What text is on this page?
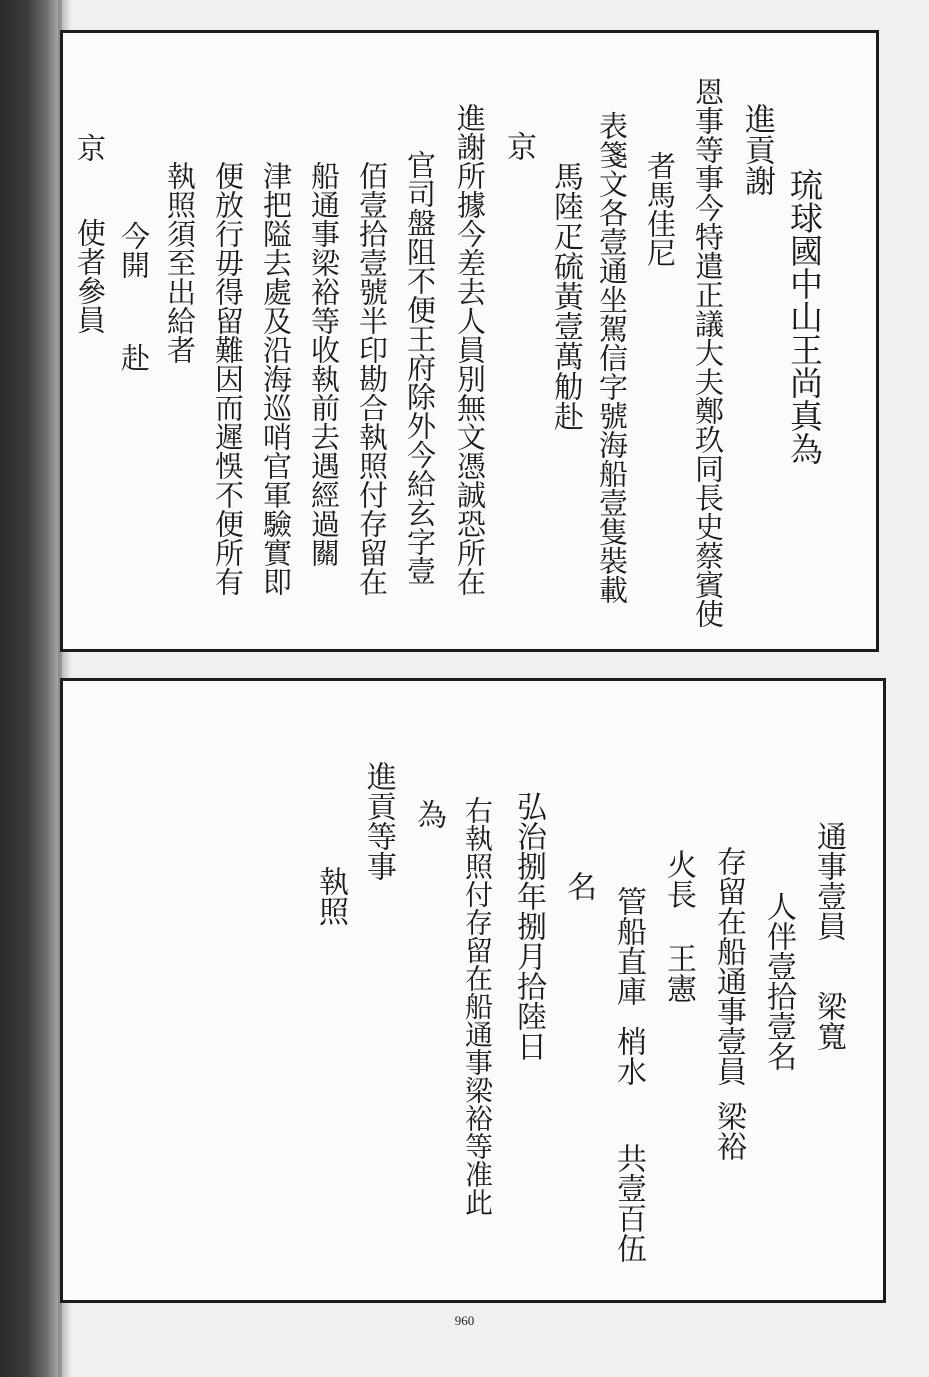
琉球國中山王尚真為
進貢謝
恩事等事今特遣正議大夫鄭玖同長史蔡賓使
者馬佳尼
表箋文各壹通坐駕信字號海船壹隻裝載
馬陸疋硫黃壹萬觔赴
京
進謝所據今差去人員別無文憑誠恐所在
官司盤阻不便王府除外今給玄字壹
佰壹拾壹號半印勘合執照付存留在
船通事梁裕等收執前去遇經過關
津把隘去處及沿海巡哨官軍驗實即
便放行毋得留難因而遲悞不便所有
執照須至出給者
今開
赴
京
使者參員
通事壹員
梁寬
人伴壹拾壹名
存留在船通事壹員
梁裕
火長
王憲
管船直庫
梢水
共壹百伍
名
弘治捌年捌月拾陸日
右執照付存留在船通事梁裕等准此
為
進貢等事
執照
960
